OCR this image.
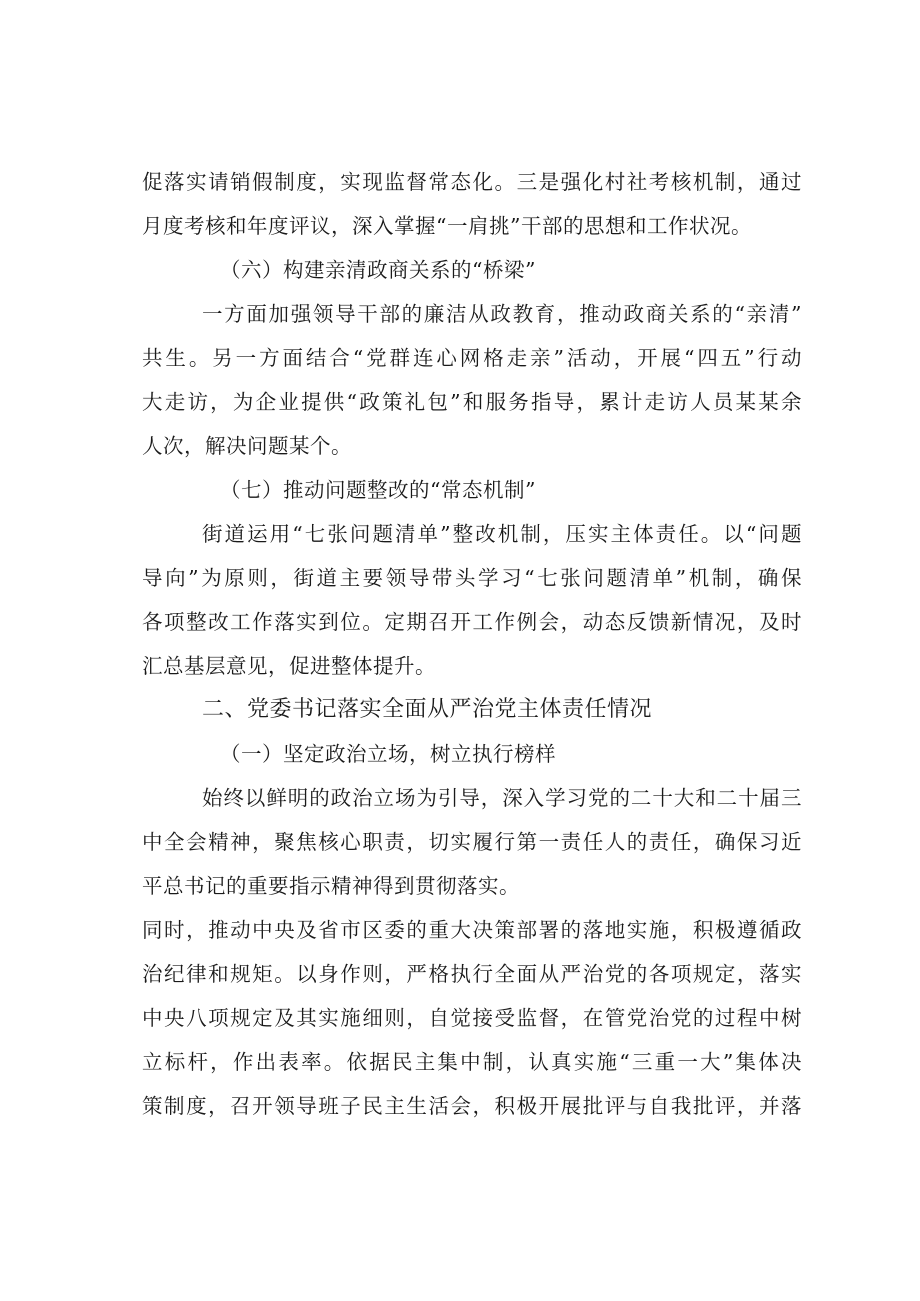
促落实请销假制度，实现监督常态化。三是强化村社考核机制，通过
月度考核和年度评议，深入掌握“一肩挑”干部的思想和工作状况。
（六）构建亲清政商关系的“桥梁”
一方面加强领导干部的廉洁从政教育，推动政商关系的“亲清”
共生。另一方面结合“党群连心网格走亲”活动，开展“四五”行动
大走访，为企业提供“政策礼包”和服务指导，累计走访人员某某余
人次，解决问题某个。
（七）推动问题整改的“常态机制”
街道运用“七张问题清单”整改机制，压实主体责任。以“问题
导向”为原则，街道主要领导带头学习“七张问题清单”机制，确保
各项整改工作落实到位。定期召开工作例会，动态反馈新情况，及时
汇总基层意见，促进整体提升。
二、党委书记落实全面从严治党主体责任情况
（一）坚定政治立场，树立执行榜样
始终以鲜明的政治立场为引导，深入学习党的二十大和二十届三
中全会精神，聚焦核心职责，切实履行第一责任人的责任，确保习近
平总书记的重要指示精神得到贯彻落实。
同时，推动中央及省市区委的重大决策部署的落地实施，积极遵循政
治纪律和规矩。以身作则，严格执行全面从严治党的各项规定，落实
中央八项规定及其实施细则，自觉接受监督，在管党治党的过程中树
立标杆，作出表率。依据民主集中制，认真实施“三重一大”集体决
策制度，召开领导班子民主生活会，积极开展批评与自我批评，并落
